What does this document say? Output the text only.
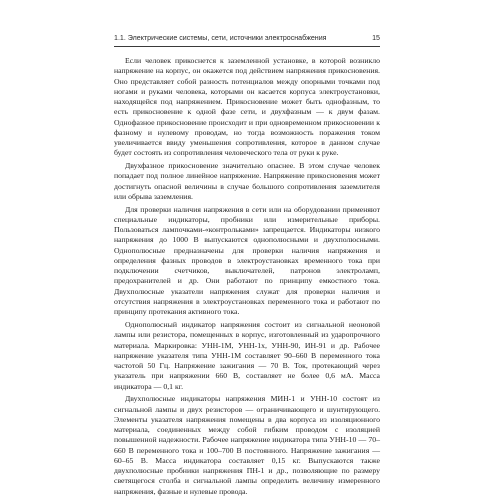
1.1. Электрические системы, сети, источники электроснабжения	15

Если человек прикоснется к заземленной установке, в которой возникло напряжение на корпус, он окажется под действием напряжения прикосновения. Оно представляет собой разность потенциалов между опорными точками под ногами и руками человека, которыми он касается корпуса электроустановки, находящейся под напряжением. Прикосновение может быть однофазным, то есть прикосновение к одной фазе сети, и двухфазным — к двум фазам. Однофазное прикосновение происходит и при одновременном прикосновении к фазному и нулевому проводам, но тогда возможность поражения током увеличивается ввиду уменьшения сопротивления, которое в данном случае будет состоять из сопротивления человеческого тела от руки к руке.

Двухфазное прикосновение значительно опаснее. В этом случае человек попадает под полное линейное напряжение. Напряжение прикосновения может достигнуть опасной величины в случае большого сопротивления заземлителя или обрыва заземления.

Для проверки наличия напряжения в сети или на оборудовании применяют специальные индикаторы, пробники или измерительные приборы. Пользоваться лампочками-«контрольками» запрещается. Индикаторы низкого напряжения до 1000 В выпускаются однополюсными и двухполюсными. Однополюсные предназначены для проверки наличия напряжения и определения фазных проводов в электроустановках временного тока при подключении счетчиков, выключателей, патронов электроламп, предохранителей и др. Они работают по принципу емкостного тока. Двухполюсные указатели напряжения служат для проверки наличия и отсутствия напряжения в электроустановках переменного тока и работают по принципу протекания активного тока.

Однополюсный индикатор напряжения состоит из сигнальной неоновой лампы или резистора, помещенных в корпус, изготовленный из ударопрочного материала. Маркировка: УНН-1М, УНН-1х, УНН-90, ИН-91 и др. Рабочее напряжение указателя типа УНН-1М составляет 90–660 В переменного тока частотой 50 Гц. Напряжение зажигания — 70 В. Ток, протекающий через указатель при напряжении 660 В, составляет не более 0,6 мА. Масса индикатора — 0,1 кг.

Двухполюсные индикаторы напряжения МИН-1 и УНН-10 состоят из сигнальной лампы и двух резисторов — ограничивающего и шунтирующего. Элементы указателя напряжения помещены в два корпуса из изоляционного материала, соединенных между собой гибким проводом с изоляцией повышенной надежности. Рабочее напряжение индикатора типа УНН-10 — 70–660 В переменного тока и 100–700 В постоянного. Напряжение зажигания — 60–65 В. Масса индикатора составляет 0,15 кг. Выпускаются также двухполюсные пробники напряжения ПН-1 и др., позволяющие по размеру светящегося столба и сигнальной лампы определить величину измеренного напряжения, фазные и нулевые провода.
